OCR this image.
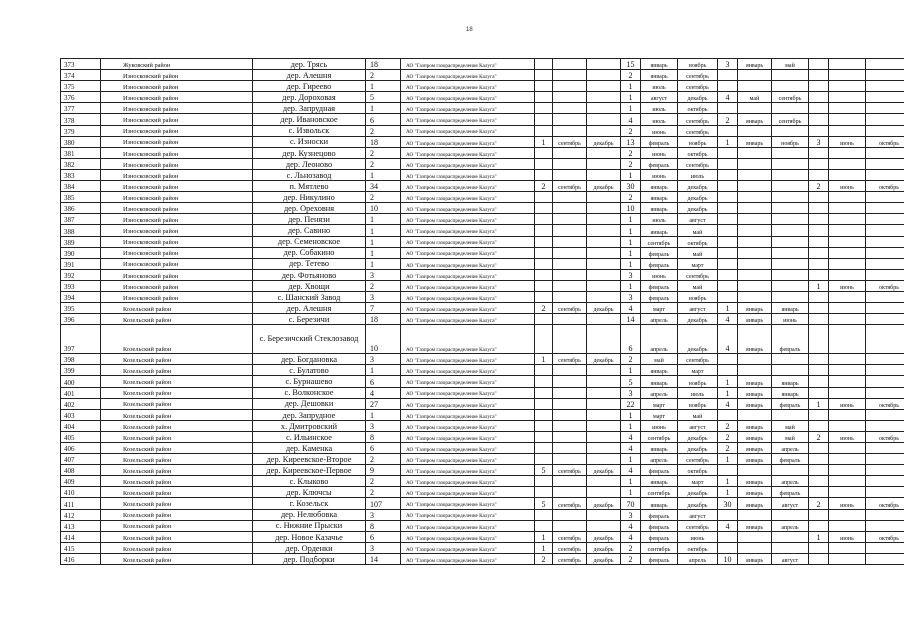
18
373	Жуковский район	дер. Трясь	18	АО "Газпром газораспределение Калуга"				15	январь	ноябрь	3	январь	май			
374	Износковский район	дер. Алешня	2	АО "Газпром газораспределение Калуга"				2	январь	сентябрь						
375	Износковский район	дер. Гиреево	1	АО "Газпром газораспределение Калуга"				1	июль	сентябрь						
376	Износковский район	дер. Дороховая	5	АО "Газпром газораспределение Калуга"				1	август	декабрь	4	май	сентябрь			
377	Износковский район	дер. Запрудная	1	АО "Газпром газораспределение Калуга"				1	июль	октябрь						
378	Износковский район	дер. Ивановское	6	АО "Газпром газораспределение Калуга"				4	июль	сентябрь	2	январь	сентябрь			
379	Износковский район	с. Извольск	2	АО "Газпром газораспределение Калуга"				2	июнь	сентябрь						
380	Износковский район	с. Износки	18	АО "Газпром газораспределение Калуга"	1	сентябрь	декабрь	13	февраль	ноябрь	1	январь	ноябрь	3	июнь	октябрь
381	Износковский район	дер. Кузнецово	2	АО "Газпром газораспределение Калуга"				2	июнь	октябрь						
382	Износковский район	дер. Леоново	2	АО "Газпром газораспределение Калуга"				2	февраль	сентябрь						
383	Износковский район	с. Льнозавод	1	АО "Газпром газораспределение Калуга"				1	июнь	июль						
384	Износковский район	п. Мятлево	34	АО "Газпром газораспределение Калуга"	2	сентябрь	декабрь	30	январь	декабрь				2	июнь	октябрь
385	Износковский район	дер. Никулино	2	АО "Газпром газораспределение Калуга"				2	январь	декабрь						
386	Износковский район	дер. Ореховня	10	АО "Газпром газораспределение Калуга"				10	январь	декабрь						
387	Износковский район	дер. Пенязи	1	АО "Газпром газораспределение Калуга"				1	июль	август						
388	Износковский район	дер. Савино	1	АО "Газпром газораспределение Калуга"				1	январь	май						
389	Износковский район	дер. Семеновское	1	АО "Газпром газораспределение Калуга"				1	сентябрь	октябрь						
390	Износковский район	дер. Собакино	1	АО "Газпром газораспределение Калуга"				1	февраль	май						
391	Износковский район	дер. Тетево	1	АО "Газпром газораспределение Калуга"				1	февраль	март						
392	Износковский район	дер. Фотьяново	3	АО "Газпром газораспределение Калуга"				3	июнь	сентябрь						
393	Износковский район	дер. Хвощи	2	АО "Газпром газораспределение Калуга"				1	февраль	май				1	июнь	октябрь
394	Износковский район	с. Шанский Завод	3	АО "Газпром газораспределение Калуга"				3	февраль	ноябрь						
395	Козельский район	дер. Алешня	7	АО "Газпром газораспределение Калуга"	2	сентябрь	декабрь	4	март	август	1	январь	январь			
396	Козельский район	с. Березичи	18	АО "Газпром газораспределение Калуга"				14	апрель	декабрь	4	январь	июнь			
397	Козельский район	с. Березичский Стеклозавод	10	АО "Газпром газораспределение Калуга"				6	апрель	декабрь	4	январь	февраль			
398	Козельский район	дер. Богдановка	3	АО "Газпром газораспределение Калуга"	1	сентябрь	декабрь	2	май	сентябрь						
399	Козельский район	с. Булатово	1	АО "Газпром газораспределение Калуга"				1	январь	март						
400	Козельский район	с. Бурнашево	6	АО "Газпром газораспределение Калуга"				5	январь	ноябрь	1	январь	январь			
401	Козельский район	с. Волконское	4	АО "Газпром газораспределение Калуга"				3	апрель	июль	1	январь	январь			
402	Козельский район	дер. Дешовки	27	АО "Газпром газораспределение Калуга"				22	март	ноябрь	4	январь	февраль	1	июнь	октябрь
403	Козельский район	дер. Запрудное	1	АО "Газпром газораспределение Калуга"				1	март	май						
404	Козельский район	х. Дмитровский	3	АО "Газпром газораспределение Калуга"				1	июнь	август	2	январь	май			
405	Козельский район	с. Ильинское	8	АО "Газпром газораспределение Калуга"				4	сентябрь	декабрь	2	январь	май	2	июнь	октябрь
406	Козельский район	дер. Каменка	6	АО "Газпром газораспределение Калуга"				4	январь	декабрь	2	январь	апрель			
407	Козельский район	дер. Киреевское-Второе	2	АО "Газпром газораспределение Калуга"				1	апрель	сентябрь	1	январь	февраль			
408	Козельский район	дер. Киреевское-Первое	9	АО "Газпром газораспределение Калуга"	5	сентябрь	декабрь	4	февраль	октябрь						
409	Козельский район	с. Клыково	2	АО "Газпром газораспределение Калуга"				1	январь	март	1	январь	апрель			
410	Козельский район	дер. Ключсы	2	АО "Газпром газораспределение Калуга"				1	сентябрь	декабрь	1	январь	февраль			
411	Козельский район	г. Козельск	107	АО "Газпром газораспределение Калуга"	5	сентябрь	декабрь	70	январь	декабрь	30	январь	август	2	июнь	октябрь
412	Козельский район	дер. Нелюбовка	3	АО "Газпром газораспределение Калуга"				3	февраль	август						
413	Козельский район	с. Нижние Прыски	8	АО "Газпром газораспределение Калуга"				4	февраль	сентябрь	4	январь	апрель			
414	Козельский район	дер. Новое Казачье	6	АО "Газпром газораспределение Калуга"	1	сентябрь	декабрь	4	февраль	июнь				1	июнь	октябрь
415	Козельский район	дер. Орденки	3	АО "Газпром газораспределение Калуга"	1	сентябрь	декабрь	2	сентябрь	октябрь						
416	Козельский район	дер. Подборки	14	АО "Газпром газораспределение Калуга"	2	сентябрь	декабрь	2	февраль	апрель	10	январь	август			
